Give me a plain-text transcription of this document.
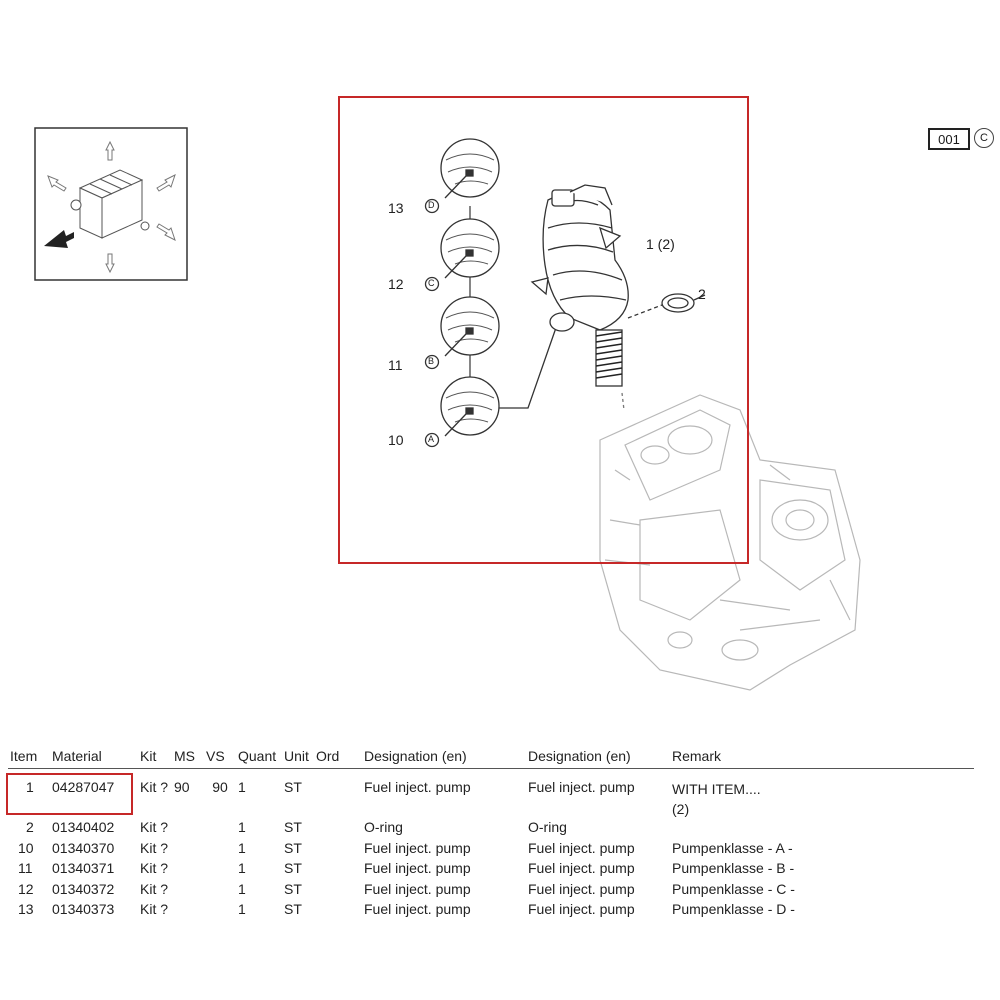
13
12
11
10
1 (2)
2
D
C
B
A
001	C
Item	Material	Kit	MS	VS	Quant	Unit	Ord	Designation (en)	Designation (en)	Remark
1	04287047	Kit ?	90	90	1	ST		Fuel inject. pump	Fuel inject. pump	WITH ITEM....
(2)

2	01340402	Kit ?			1	ST		O-ring	O-ring	
10	01340370	Kit ?			1	ST		Fuel inject. pump	Fuel inject. pump	Pumpenklasse - A -
11	01340371	Kit ?			1	ST		Fuel inject. pump	Fuel inject. pump	Pumpenklasse - B -
12	01340372	Kit ?			1	ST		Fuel inject. pump	Fuel inject. pump	Pumpenklasse - C -
13	01340373	Kit ?			1	ST		Fuel inject. pump	Fuel inject. pump	Pumpenklasse - D -
